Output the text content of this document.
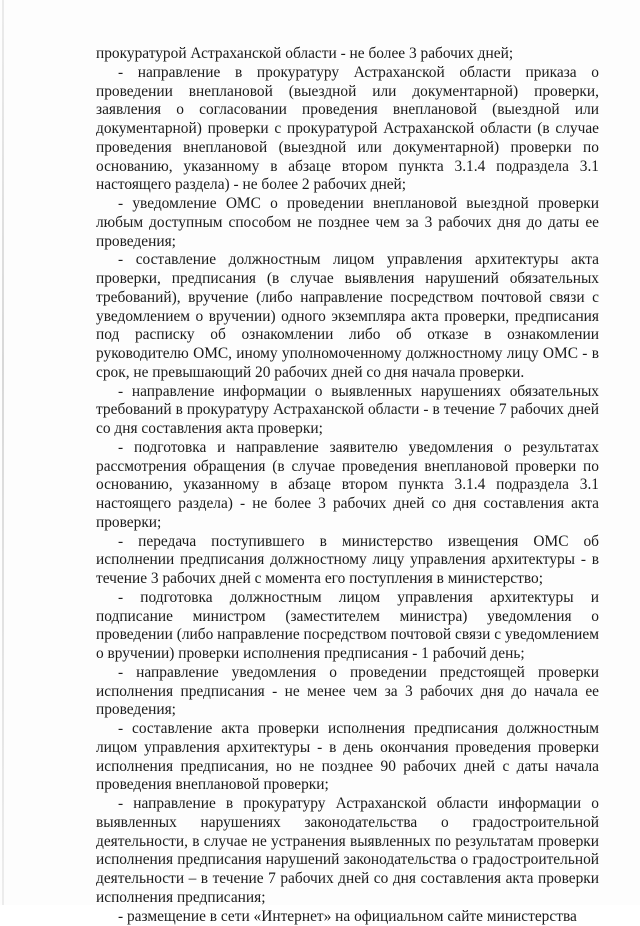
прокуратурой Астраханской области - не более 3 рабочих дней;

- направление в прокуратуру Астраханской области приказа о проведении внеплановой (выездной или документарной) проверки, заявления о согласовании проведения внеплановой (выездной или документарной) проверки с прокуратурой Астраханской области (в случае проведения внеплановой (выездной или документарной) проверки по основанию, указанному в абзаце втором пункта 3.1.4 подраздела 3.1 настоящего раздела) - не более 2 рабочих дней;

- уведомление ОМС о проведении внеплановой выездной проверки любым доступным способом не позднее чем за 3 рабочих дня до даты ее проведения;

- составление должностным лицом управления архитектуры акта проверки, предписания (в случае выявления нарушений обязательных требований), вручение (либо направление посредством почтовой связи с уведомлением о вручении) одного экземпляра акта проверки, предписания под расписку об ознакомлении либо об отказе в ознакомлении руководителю ОМС, иному уполномоченному должностному лицу ОМС - в срок, не превышающий 20 рабочих дней со дня начала проверки.

- направление информации о выявленных нарушениях обязательных требований в прокуратуру Астраханской области - в течение 7 рабочих дней со дня составления акта проверки;

- подготовка и направление заявителю уведомления о результатах рассмотрения обращения (в случае проведения внеплановой проверки по основанию, указанному в абзаце втором пункта 3.1.4 подраздела 3.1 настоящего раздела) - не более 3 рабочих дней со дня составления акта проверки;

- передача поступившего в министерство извещения ОМС об исполнении предписания должностному лицу управления архитектуры - в течение 3 рабочих дней с момента его поступления в министерство;

- подготовка должностным лицом управления архитектуры и подписание министром (заместителем министра) уведомления о проведении (либо направление посредством почтовой связи с уведомлением о вручении) проверки исполнения предписания - 1 рабочий день;

- направление уведомления о проведении предстоящей проверки исполнения предписания - не менее чем за 3 рабочих дня до начала ее проведения;

- составление акта проверки исполнения предписания должностным лицом управления архитектуры - в день окончания проведения проверки исполнения предписания, но не позднее 90 рабочих дней с даты начала проведения внеплановой проверки;

- направление в прокуратуру Астраханской области информации о выявленных нарушениях законодательства о градостроительной деятельности, в случае не устранения выявленных по результатам проверки исполнения предписания нарушений законодательства о градостроительной деятельности – в течение 7 рабочих дней со дня составления акта проверки исполнения предписания;

- размещение в сети «Интернет» на официальном сайте министерства
